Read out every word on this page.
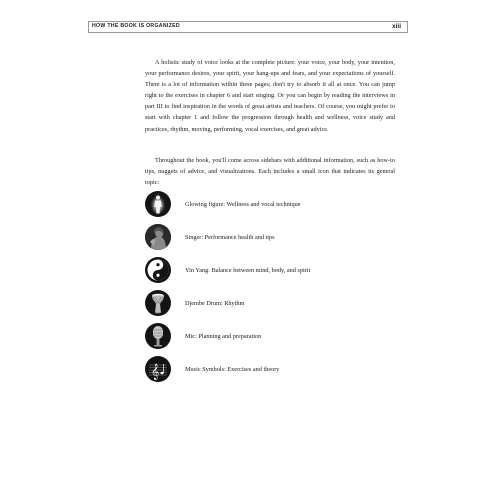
HOW THE BOOK IS ORGANIZED	xiii

A holistic study of voice looks at the complete picture: your voice, your body, your intention, your performance desires, your spirit, your hang-ups and fears, and your expectations of yourself. There is a lot of information within these pages; don't try to absorb it all at once. You can jump right to the exercises in chapter 6 and start singing. Or you can begin by reading the interviews in part III to find inspiration in the words of great artists and teachers. Of course, you might prefer to start with chapter 1 and follow the progression through health and wellness, voice study and practices, rhythm, moving, performing, vocal exercises, and great advice.

Throughout the book, you'll come across sidebars with additional information, such as how-to tips, nuggets of advice, and visualizations. Each includes a small icon that indicates its general topic:

Glowing figure: Wellness and vocal technique
Singer: Performance health and tips
Yin Yang: Balance between mind, body, and spirit
Djembe Drum: Rhythm
Mic: Planning and preparation
𝄞	Music Symbols: Exercises and theory
